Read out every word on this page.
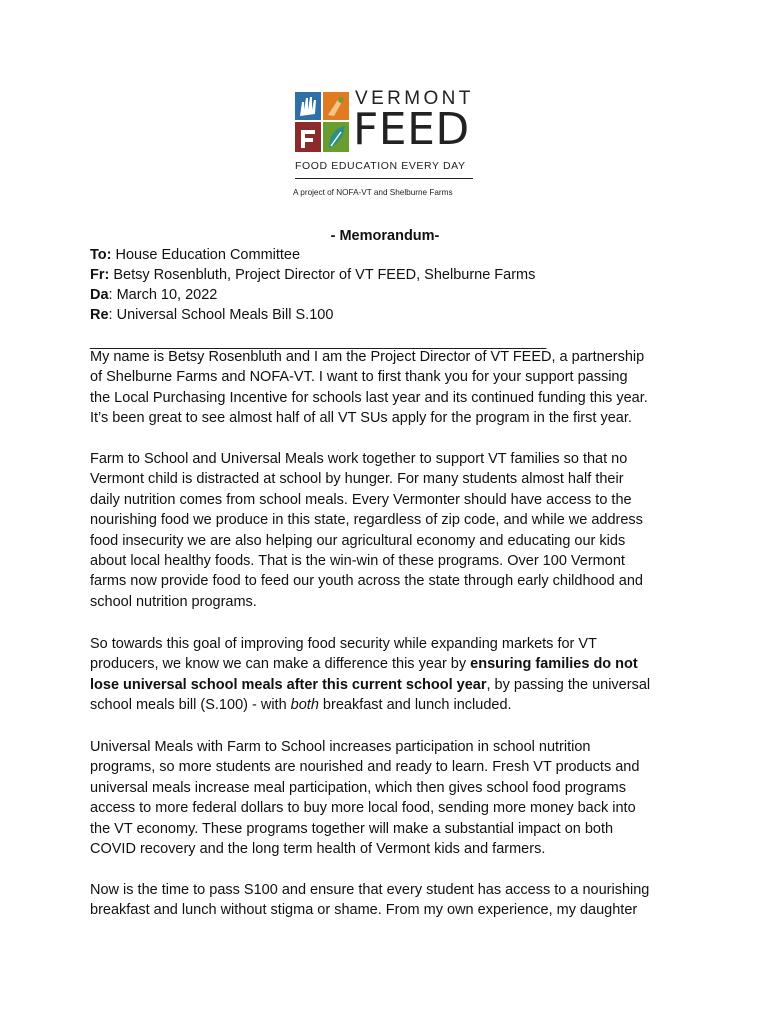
VERMONT
FEED
FOOD EDUCATION EVERY DAY
A project of NOFA-VT and Shelburne Farms
- Memorandum-
To: House Education Committee
Fr: Betsy Rosenbluth, Project Director of VT FEED, Shelburne Farms
Da: March 10, 2022
Re: Universal School Meals Bill S.100
__________________________________________________________
My name is Betsy Rosenbluth and I am the Project Director of VT FEED, a partnership
of Shelburne Farms and NOFA-VT. I want to first thank you for your support passing
the Local Purchasing Incentive for schools last year and its continued funding this year.
It’s been great to see almost half of all VT SUs apply for the program in the first year.
Farm to School and Universal Meals work together to support VT families so that no
Vermont child is distracted at school by hunger. For many students almost half their
daily nutrition comes from school meals. Every Vermonter should have access to the
nourishing food we produce in this state, regardless of zip code, and while we address
food insecurity we are also helping our agricultural economy and educating our kids
about local healthy foods. That is the win-win of these programs. Over 100 Vermont
farms now provide food to feed our youth across the state through early childhood and
school nutrition programs.
So towards this goal of improving food security while expanding markets for VT
producers, we know we can make a difference this year by ensuring families do not
lose universal school meals after this current school year, by passing the universal
school meals bill (S.100) - with both breakfast and lunch included.
Universal Meals with Farm to School increases participation in school nutrition
programs, so more students are nourished and ready to learn. Fresh VT products and
universal meals increase meal participation, which then gives school food programs
access to more federal dollars to buy more local food, sending more money back into
the VT economy. These programs together will make a substantial impact on both
COVID recovery and the long term health of Vermont kids and farmers.
Now is the time to pass S100 and ensure that every student has access to a nourishing
breakfast and lunch without stigma or shame. From my own experience, my daughter
